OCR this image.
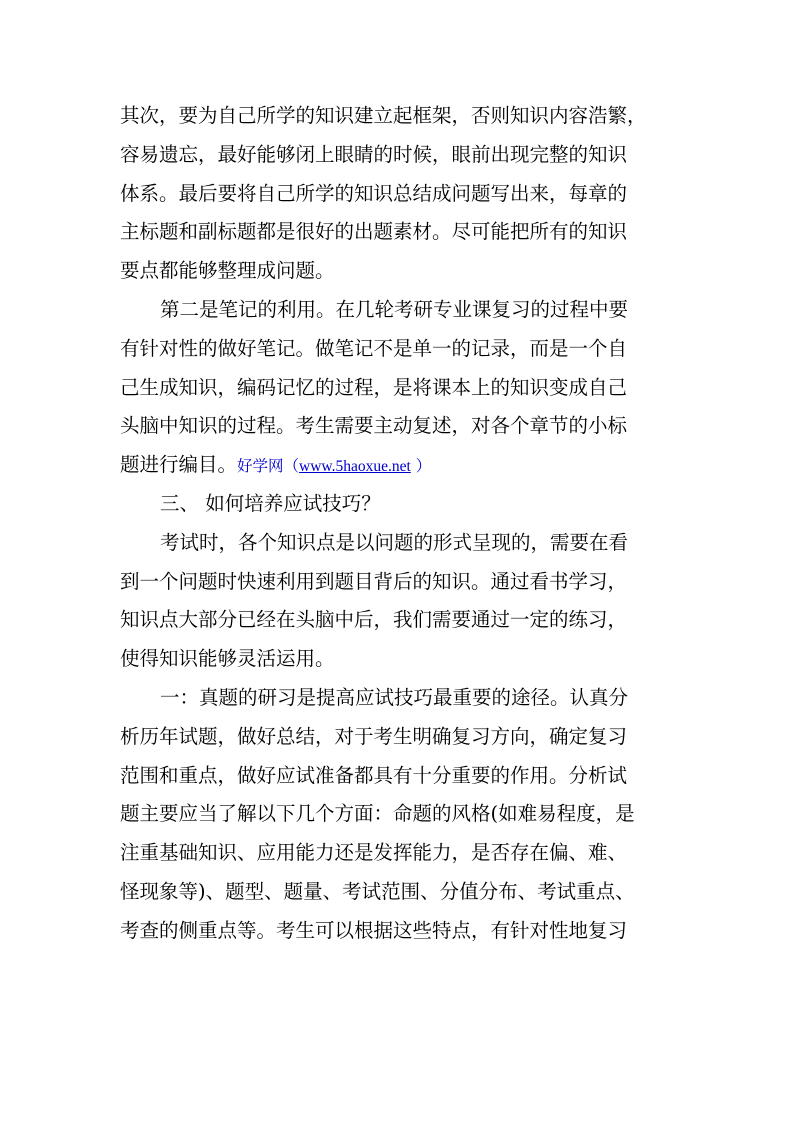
其次，要为自己所学的知识建立起框架，否则知识内容浩繁，
容易遗忘，最好能够闭上眼睛的时候，眼前出现完整的知识
体系。最后要将自己所学的知识总结成问题写出来，每章的
主标题和副标题都是很好的出题素材。尽可能把所有的知识
要点都能够整理成问题。
第二是笔记的利用。在几轮考研专业课复习的过程中要
有针对性的做好笔记。做笔记不是单一的记录，而是一个自
己生成知识，编码记忆的过程，是将课本上的知识变成自己
头脑中知识的过程。考生需要主动复述，对各个章节的小标
题进行编目。好学网（www.5haoxue.net ）
三、 如何培养应试技巧？
考试时，各个知识点是以问题的形式呈现的，需要在看
到一个问题时快速利用到题目背后的知识。通过看书学习，
知识点大部分已经在头脑中后，我们需要通过一定的练习，
使得知识能够灵活运用。
一：真题的研习是提高应试技巧最重要的途径。认真分
析历年试题，做好总结，对于考生明确复习方向，确定复习
范围和重点，做好应试准备都具有十分重要的作用。分析试
题主要应当了解以下几个方面：命题的风格(如难易程度，是
注重基础知识、应用能力还是发挥能力，是否存在偏、难、
怪现象等)、题型、题量、考试范围、分值分布、考试重点、
考查的侧重点等。考生可以根据这些特点，有针对性地复习
